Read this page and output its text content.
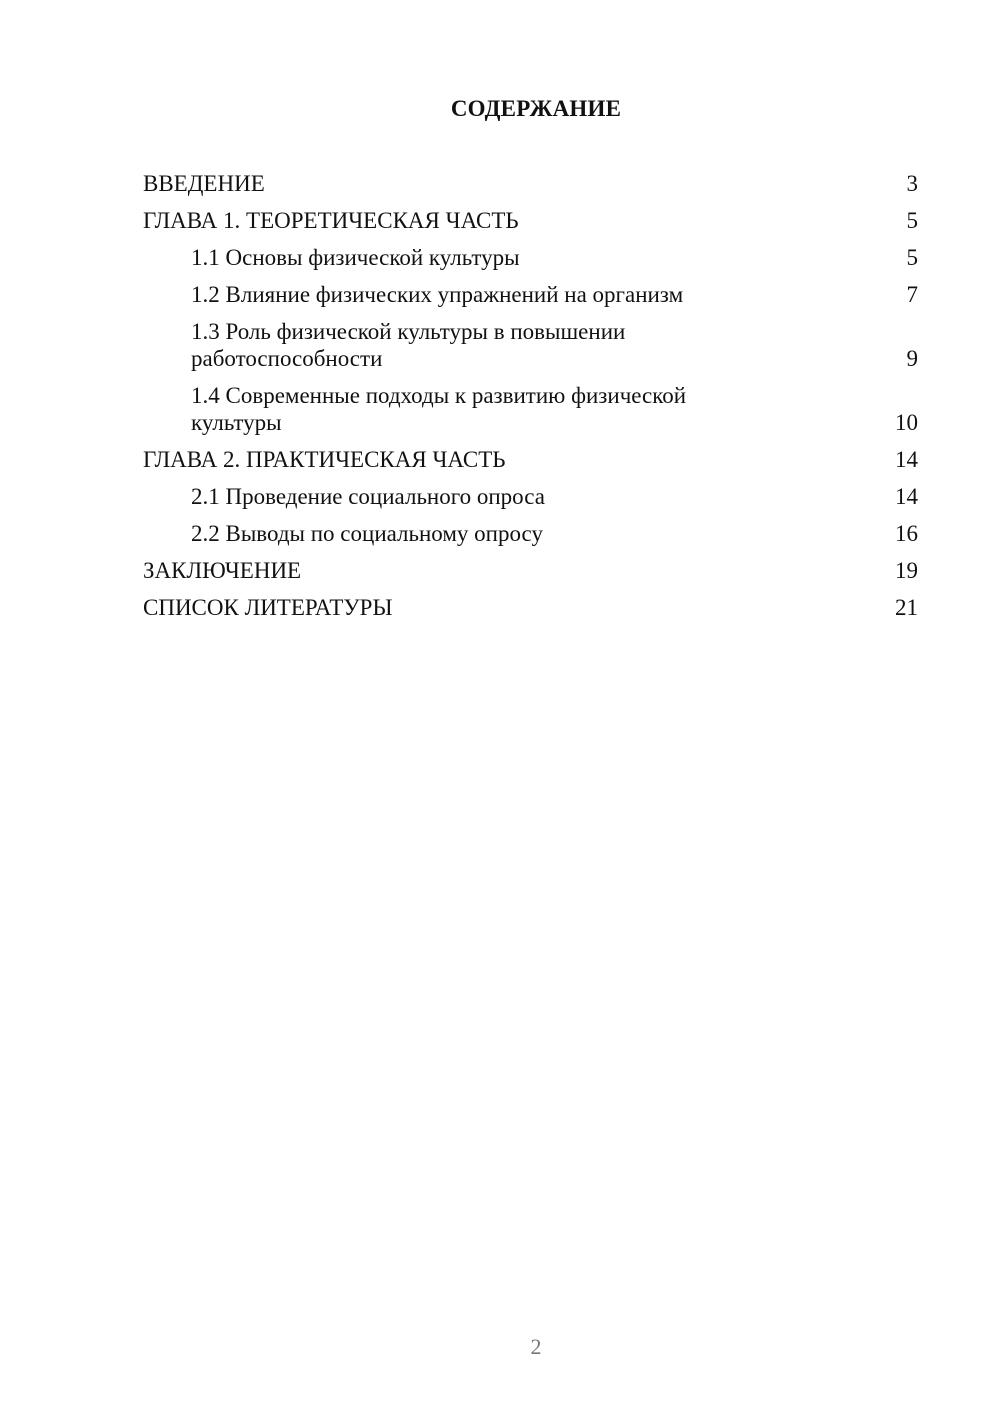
СОДЕРЖАНИЕ
ВВЕДЕНИЕ	3
ГЛАВА 1. ТЕОРЕТИЧЕСКАЯ ЧАСТЬ	5
1.1 Основы физической культуры	5
1.2 Влияние физических упражнений на организм	7
1.3 Роль физической культуры в повышении работоспособности	9
1.4 Современные подходы к развитию физической культуры	10
ГЛАВА 2. ПРАКТИЧЕСКАЯ ЧАСТЬ	14
2.1 Проведение социального опроса	14
2.2 Выводы по социальному опросу	16
ЗАКЛЮЧЕНИЕ	19
СПИСОК ЛИТЕРАТУРЫ	21
2
